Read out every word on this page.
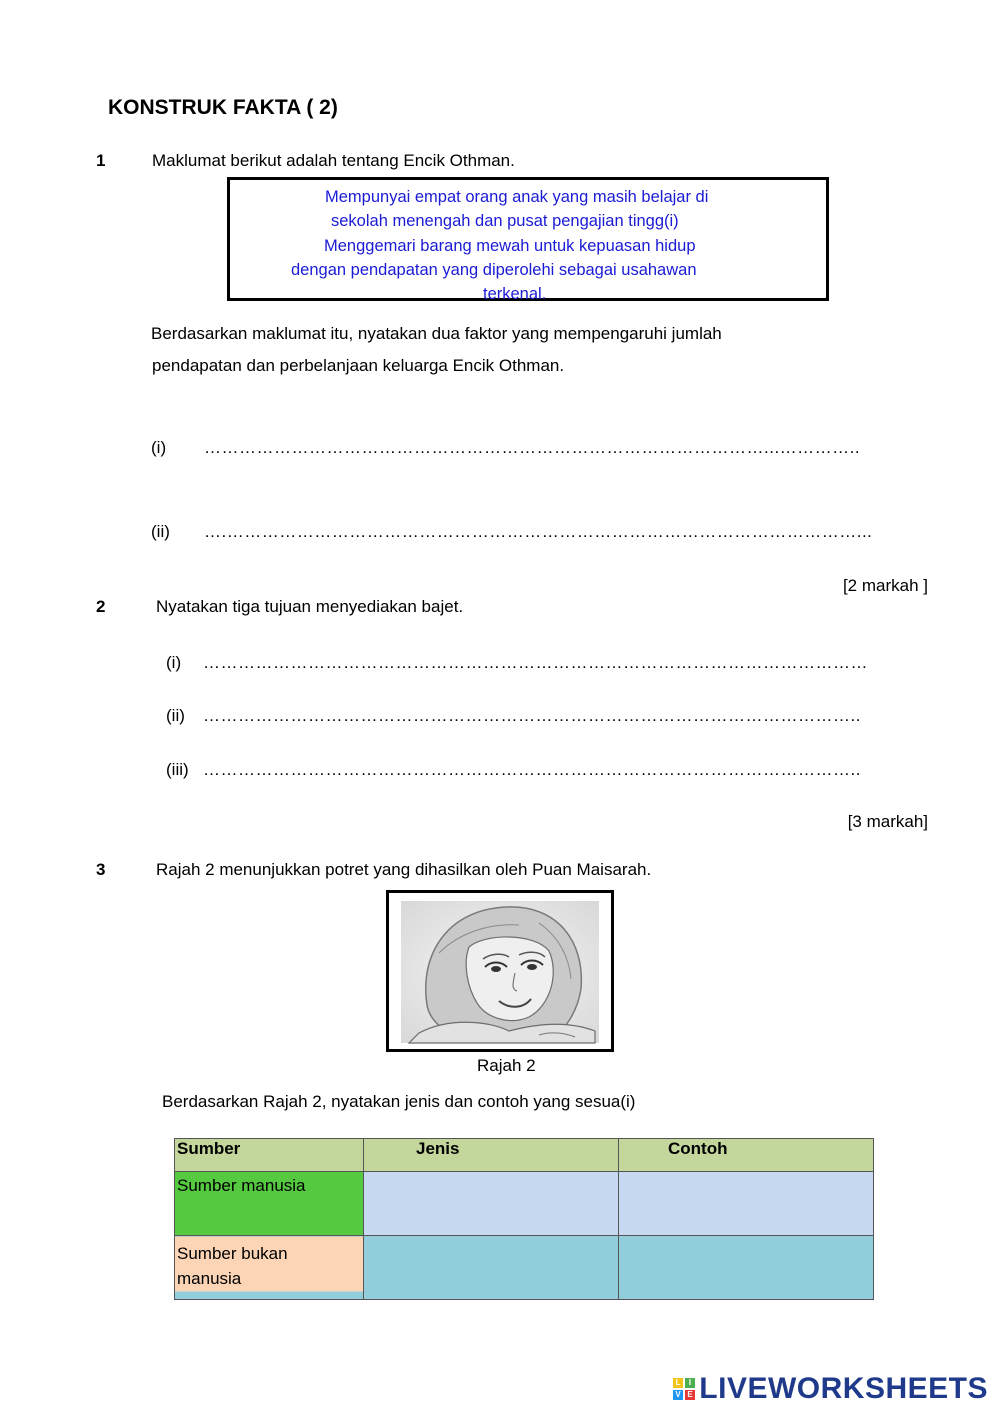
KONSTRUK FAKTA ( 2)
1	Maklumat berikut adalah tentang Encik Othman.
Mempunyai empat orang anak yang masih belajar di
sekolah menengah dan pusat pengajian tingg(i)
Menggemari barang mewah untuk kepuasan hidup
dengan pendapatan yang diperolehi sebagai usahawan
terkenal.
Berdasarkan maklumat itu, nyatakan dua faktor yang mempengaruhi jumlah
pendapatan dan perbelanjaan keluarga Encik Othman.
(i) ……………………………………………………………………………………...…………..
(ii) ….………………………………………………………………………………………………...
[2 markah ]
2	Nyatakan tiga tujuan menyediakan bajet.
(i) ……………………………………………………………………………………………………
(ii) …………………………………………………………………………………………………..
(iii) …………………………………………………………………………………………………..
[3 markah]
3	Rajah 2 menunjukkan potret yang dihasilkan oleh Puan Maisarah.
Rajah 2
Berdasarkan Rajah 2, nyatakan jenis dan contoh yang sesua(i)
Sumber	Jenis	Contoh

Sumber manusia		

Sumber bukan
manusia		

L I
V E LIVEWORKSHEETS
